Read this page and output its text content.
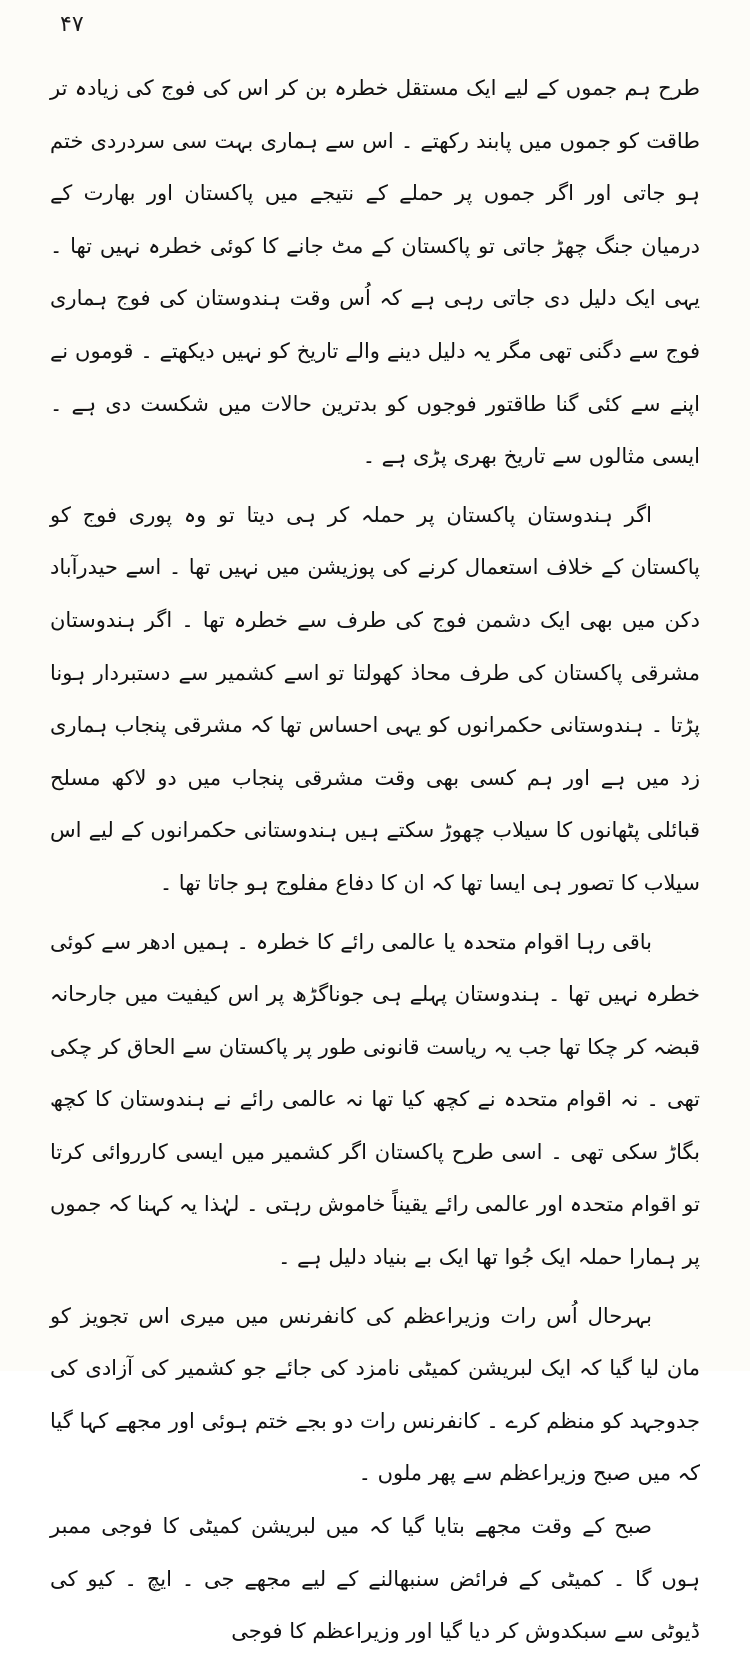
۴۷

طرح ہم جموں کے لیے ایک مستقل خطرہ بن کر اس کی فوج کی زیادہ تر طاقت کو جموں میں پابند رکھتے ۔ اس سے ہماری بہت سی سردردی ختم ہو جاتی اور اگر جموں پر حملے کے نتیجے میں پاکستان اور بھارت کے درمیان جنگ چھڑ جاتی تو پاکستان کے مٹ جانے کا کوئی خطرہ نہیں تھا ۔ یہی ایک دلیل دی جاتی رہی ہے کہ اُس وقت ہندوستان کی فوج ہماری فوج سے دگنی تھی مگر یہ دلیل دینے والے تاریخ کو نہیں دیکھتے ۔ قوموں نے اپنے سے کئی گنا طاقتور فوجوں کو بدترین حالات میں شکست دی ہے ۔ ایسی مثالوں سے تاریخ بھری پڑی ہے ۔

اگر ہندوستان پاکستان پر حملہ کر ہی دیتا تو وہ پوری فوج کو پاکستان کے خلاف استعمال کرنے کی پوزیشن میں نہیں تھا ۔ اسے حیدرآباد دکن میں بھی ایک دشمن فوج کی طرف سے خطرہ تھا ۔ اگر ہندوستان مشرقی پاکستان کی طرف محاذ کھولتا تو اسے کشمیر سے دستبردار ہونا پڑتا ۔ ہندوستانی حکمرانوں کو یہی احساس تھا کہ مشرقی پنجاب ہماری زد میں ہے اور ہم کسی بھی وقت مشرقی پنجاب میں دو لاکھ مسلح قبائلی پٹھانوں کا سیلاب چھوڑ سکتے ہیں ہندوستانی حکمرانوں کے لیے اس سیلاب کا تصور ہی ایسا تھا کہ ان کا دفاع مفلوج ہو جاتا تھا ۔

باقی رہا اقوام متحدہ یا عالمی رائے کا خطرہ ۔ ہمیں ادھر سے کوئی خطرہ نہیں تھا ۔ ہندوستان پہلے ہی جوناگڑھ پر اس کیفیت میں جارحانہ قبضہ کر چکا تھا جب یہ ریاست قانونی طور پر پاکستان سے الحاق کر چکی تھی ۔ نہ اقوام متحدہ نے کچھ کیا تھا نہ عالمی رائے نے ہندوستان کا کچھ بگاڑ سکی تھی ۔ اسی طرح پاکستان اگر کشمیر میں ایسی کارروائی کرتا تو اقوام متحدہ اور عالمی رائے یقیناً خاموش رہتی ۔ لہٰذا یہ کہنا کہ جموں پر ہمارا حملہ ایک جُوا تھا ایک بے بنیاد دلیل ہے ۔

بہرحال اُس رات وزیراعظم کی کانفرنس میں میری اس تجویز کو مان لیا گیا کہ ایک لبریشن کمیٹی نامزد کی جائے جو کشمیر کی آزادی کی جدوجہد کو منظم کرے ۔ کانفرنس رات دو بجے ختم ہوئی اور مجھے کہا گیا کہ میں صبح وزیراعظم سے پھر ملوں ۔

صبح کے وقت مجھے بتایا گیا کہ میں لبریشن کمیٹی کا فوجی ممبر ہوں گا ۔ کمیٹی کے فرائض سنبھالنے کے لیے مجھے جی ۔ ایچ ۔ کیو کی ڈیوٹی سے سبکدوش کر دیا گیا اور وزیراعظم کا فوجی
